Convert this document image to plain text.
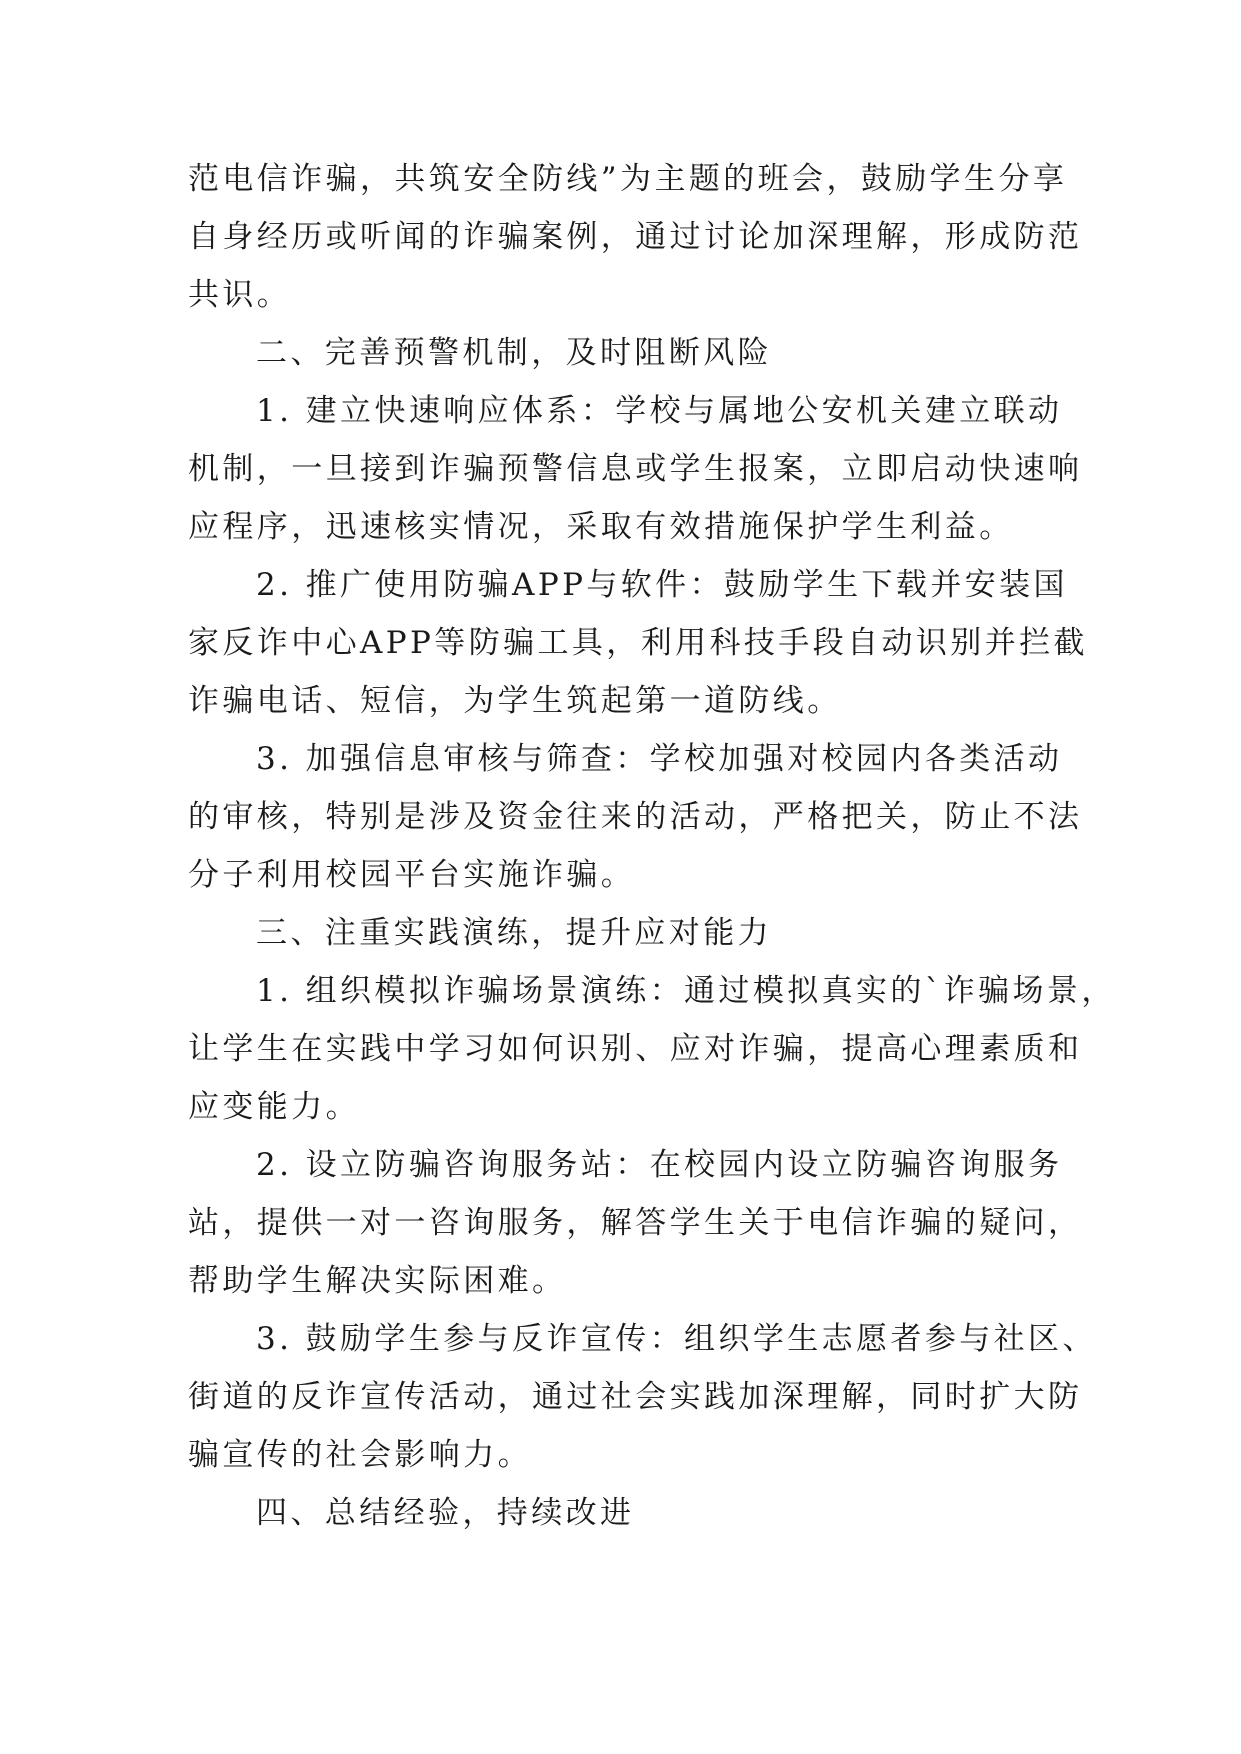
范电信诈骗，共筑安全防线”为主题的班会，鼓励学生分享

自身经历或听闻的诈骗案例，通过讨论加深理解，形成防范

共识。

二、完善预警机制，及时阻断风险

1. 建立快速响应体系：学校与属地公安机关建立联动

机制，一旦接到诈骗预警信息或学生报案，立即启动快速响

应程序，迅速核实情况，采取有效措施保护学生利益。

2. 推广使用防骗APP与软件：鼓励学生下载并安装国

家反诈中心APP等防骗工具，利用科技手段自动识别并拦截

诈骗电话、短信，为学生筑起第一道防线。

3. 加强信息审核与筛查：学校加强对校园内各类活动

的审核，特别是涉及资金往来的活动，严格把关，防止不法

分子利用校园平台实施诈骗。

三、注重实践演练，提升应对能力

1. 组织模拟诈骗场景演练：通过模拟真实的`诈骗场景，

让学生在实践中学习如何识别、应对诈骗，提高心理素质和

应变能力。

2. 设立防骗咨询服务站：在校园内设立防骗咨询服务

站，提供一对一咨询服务，解答学生关于电信诈骗的疑问，

帮助学生解决实际困难。

3. 鼓励学生参与反诈宣传：组织学生志愿者参与社区、

街道的反诈宣传活动，通过社会实践加深理解，同时扩大防

骗宣传的社会影响力。

四、总结经验，持续改进
